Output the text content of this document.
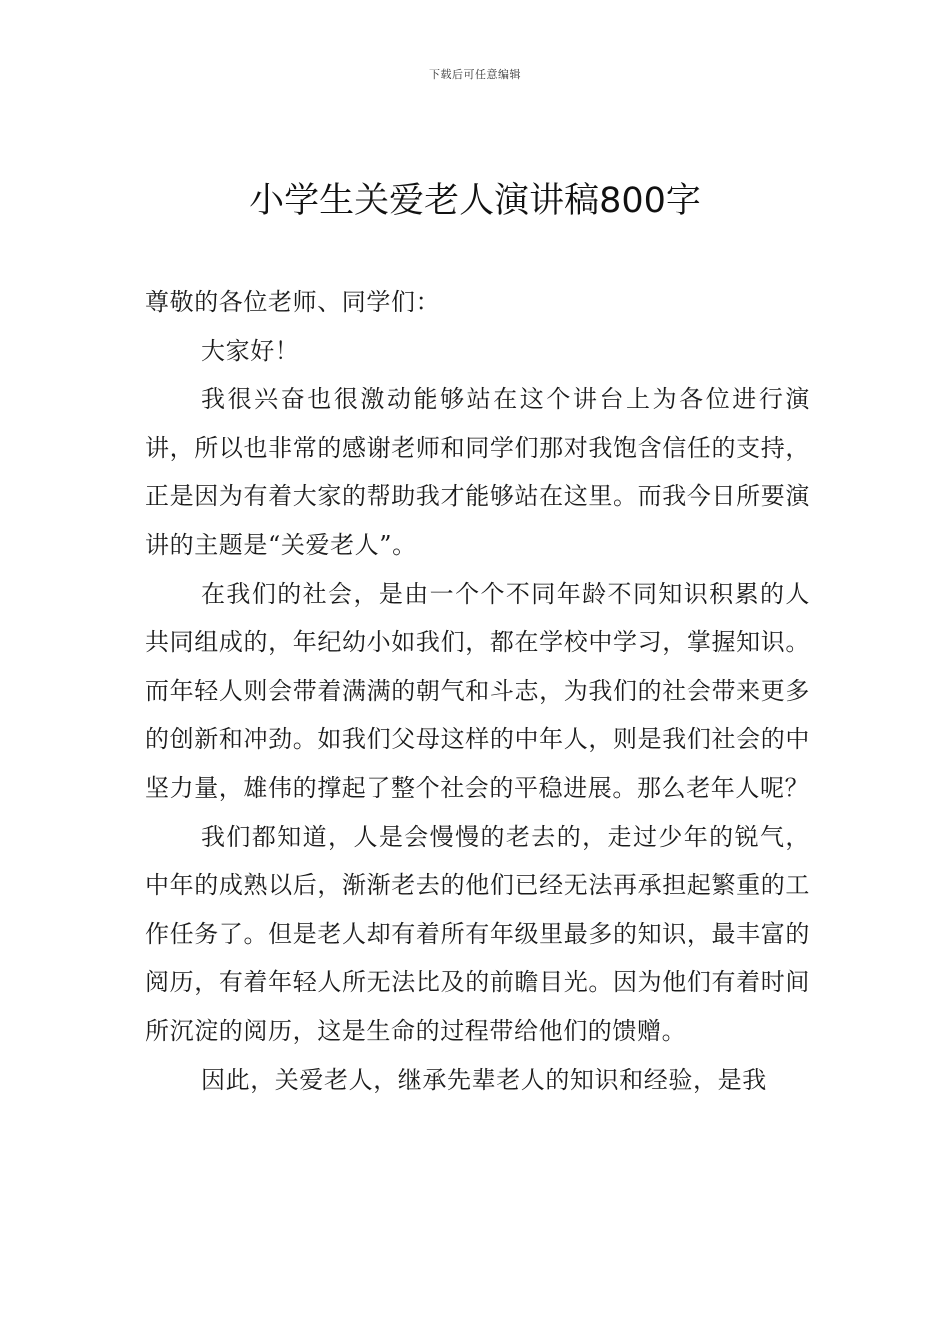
下载后可任意编辑
小学生关爱老人演讲稿800字

尊敬的各位老师、同学们：

大家好！

我很兴奋也很激动能够站在这个讲台上为各位进行演讲，所以也非常的感谢老师和同学们那对我饱含信任的支持，正是因为有着大家的帮助我才能够站在这里。而我今日所要演讲的主题是“关爱老人”。

在我们的社会，是由一个个不同年龄不同知识积累的人共同组成的，年纪幼小如我们，都在学校中学习，掌握知识。而年轻人则会带着满满的朝气和斗志，为我们的社会带来更多的创新和冲劲。如我们父母这样的中年人，则是我们社会的中坚力量，雄伟的撑起了整个社会的平稳进展。那么老年人呢？

我们都知道，人是会慢慢的老去的，走过少年的锐气，中年的成熟以后，渐渐老去的他们已经无法再承担起繁重的工作任务了。但是老人却有着所有年级里最多的知识，最丰富的阅历，有着年轻人所无法比及的前瞻目光。因为他们有着时间所沉淀的阅历，这是生命的过程带给他们的馈赠。

因此，关爱老人，继承先辈老人的知识和经验，是我
